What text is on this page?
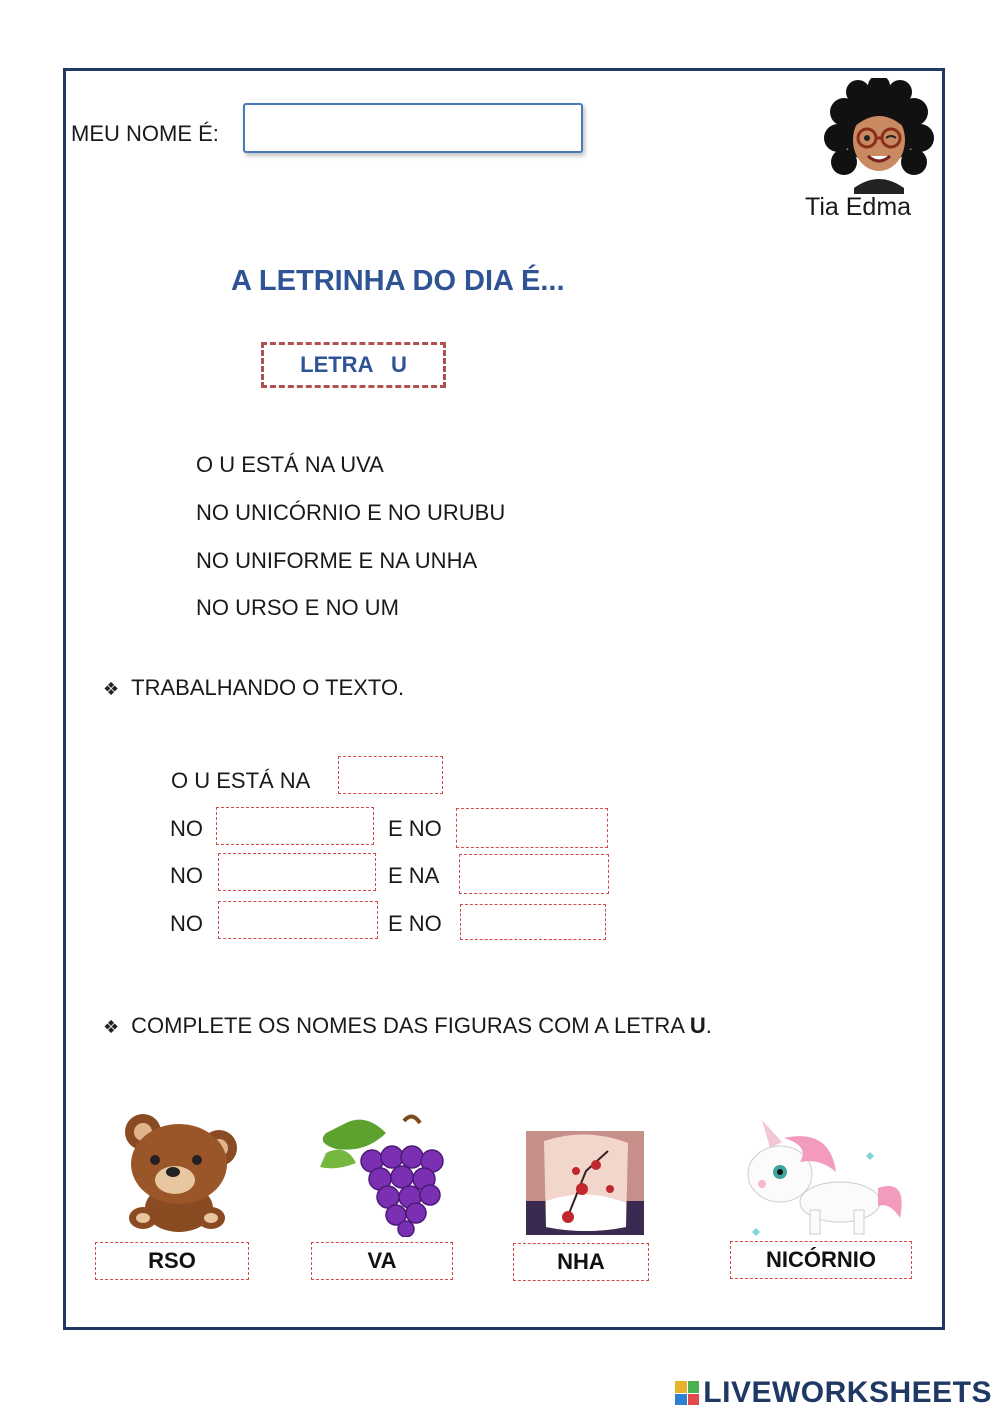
MEU NOME É:
Tia Edma
A LETRINHA DO DIA É...
LETRA   U
O U ESTÁ NA UVA
NO UNICÓRNIO E NO URUBU
NO UNIFORME E NA UNHA
NO URSO E NO UM
❖ TRABALHANDO O TEXTO.
O U ESTÁ NA
NO	E NO
NO	E NA
NO	E NO
❖ COMPLETE OS NOMES DAS FIGURAS COM A LETRA U.
RSO	VA	NHA	NICÓRNIO
LIVEWORKSHEETS
